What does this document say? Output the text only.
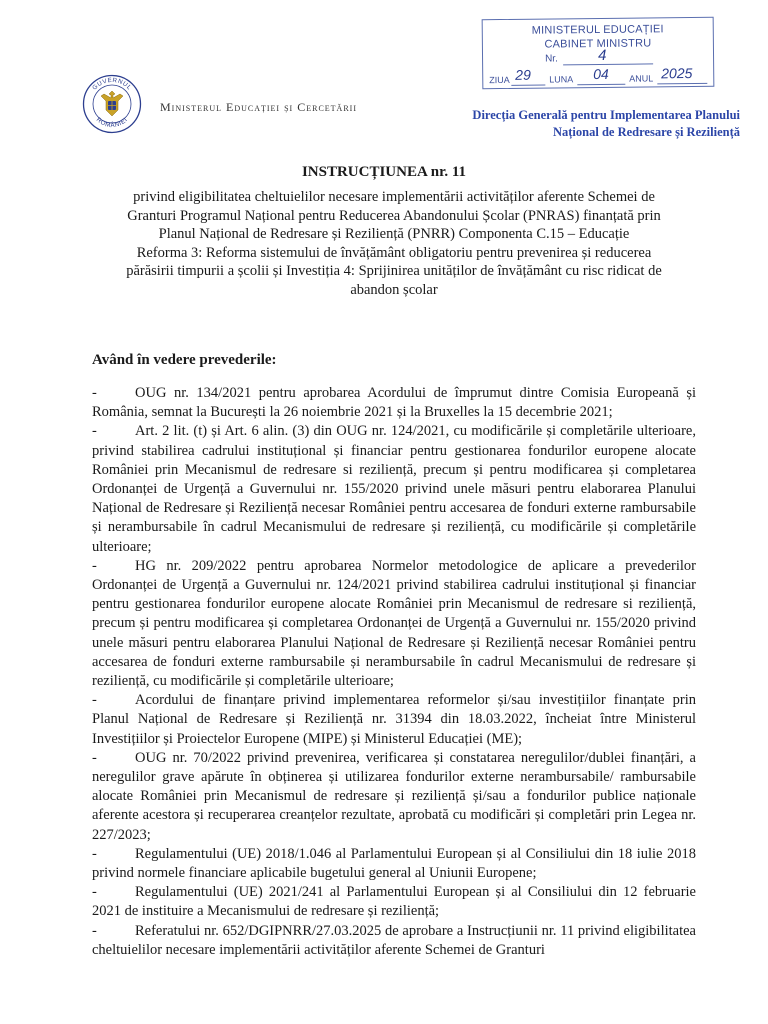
MINISTERUL EDUCAȚIEI
CABINET MINISTRU
Nr.	4
ZIUA 29 LUNA 04 ANUL 2025
GUVERNUL
ROMÂNIEI
Ministerul Educației și Cercetării
Direcția Generală pentru Implementarea Planului
Național de Redresare și Reziliență
INSTRUCȚIUNEA nr. 11
privind eligibilitatea cheltuielilor necesare implementării activităților aferente Schemei de
Granturi Programul Național pentru Reducerea Abandonului Școlar (PNRAS) finanțată prin
Planul Național de Redresare și Reziliență (PNRR) Componenta C.15 – Educație
Reforma 3: Reforma sistemului de învățământ obligatoriu pentru prevenirea și reducerea
părăsirii timpurii a școlii și Investiția 4: Sprijinirea unităților de învățământ cu risc ridicat de
abandon școlar
Având în vedere prevederile:

-	OUG nr. 134/2021 pentru aprobarea Acordului de împrumut dintre Comisia Europeană și România, semnat la București la 26 noiembrie 2021 și la Bruxelles la 15 decembrie 2021;

-	Art. 2 lit. (t) și Art. 6 alin. (3) din OUG nr. 124/2021, cu modificările și completările ulterioare, privind stabilirea cadrului instituțional și financiar pentru gestionarea fondurilor europene alocate României prin Mecanismul de redresare si reziliență, precum și pentru modificarea și completarea Ordonanței de Urgență a Guvernului nr. 155/2020 privind unele măsuri pentru elaborarea Planului Național de Redresare și Reziliență necesar României pentru accesarea de fonduri externe rambursabile și nerambursabile în cadrul Mecanismului de redresare și reziliență, cu modificările și completările ulterioare;

-	HG nr. 209/2022 pentru aprobarea Normelor metodologice de aplicare a prevederilor Ordonanței de Urgență a Guvernului nr. 124/2021 privind stabilirea cadrului instituțional și financiar pentru gestionarea fondurilor europene alocate României prin Mecanismul de redresare si reziliență, precum și pentru modificarea și completarea Ordonanței de Urgență a Guvernului nr. 155/2020 privind unele măsuri pentru elaborarea Planului Național de Redresare și Reziliență necesar României pentru accesarea de fonduri externe rambursabile și nerambursabile în cadrul Mecanismului de redresare și reziliență, cu modificările și completările ulterioare;

-	Acordului de finanțare privind implementarea reformelor și/sau investițiilor finanțate prin Planul Național de Redresare și Reziliență nr. 31394 din 18.03.2022, încheiat între Ministerul Investițiilor și Proiectelor Europene (MIPE) și Ministerul Educației (ME);

-	OUG nr. 70/2022 privind prevenirea, verificarea și constatarea neregulilor/dublei finanțări, a neregulilor grave apărute în obținerea și utilizarea fondurilor externe nerambursabile/ rambursabile alocate României prin Mecanismul de redresare și reziliență și/sau a fondurilor publice naționale aferente acestora și recuperarea creanțelor rezultate, aprobată cu modificări și completări prin Legea nr. 227/2023;

-	Regulamentului (UE) 2018/1.046 al Parlamentului European și al Consiliului din 18 iulie 2018 privind normele financiare aplicabile bugetului general al Uniunii Europene;

-	Regulamentului (UE) 2021/241 al Parlamentului European și al Consiliului din 12 februarie 2021 de instituire a Mecanismului de redresare și reziliență;

-	Referatului nr. 652/DGIPNRR/27.03.2025 de aprobare a Instrucțiunii nr. 11 privind eligibilitatea cheltuielilor necesare implementării activităților aferente Schemei de Granturi
